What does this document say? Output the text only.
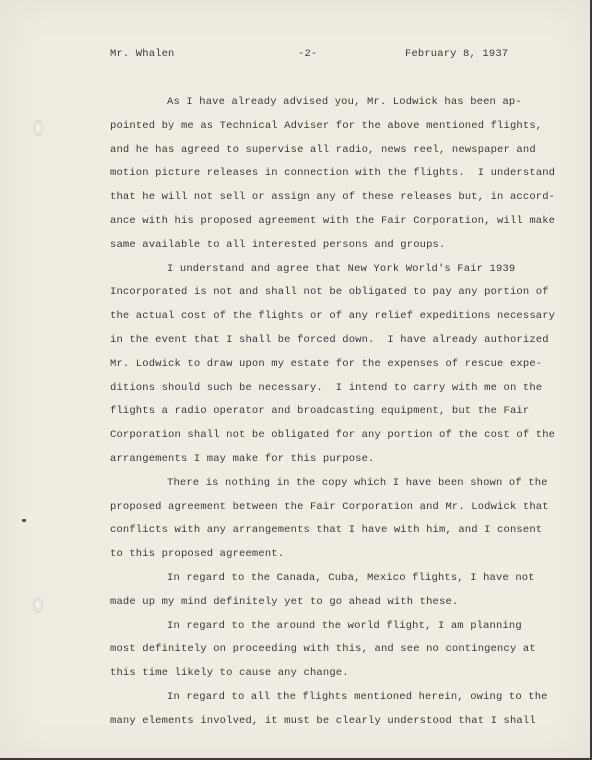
Mr. Whalen	-2-	February 8, 1937
As I have already advised you, Mr. Lodwick has been ap-
pointed by me as Technical Adviser for the above mentioned flights,
and he has agreed to supervise all radio, news reel, newspaper and
motion picture releases in connection with the flights.  I understand
that he will not sell or assign any of these releases but, in accord-
ance with his proposed agreement with the Fair Corporation, will make
same available to all interested persons and groups.
I understand and agree that New York World's Fair 1939
Incorporated is not and shall not be obligated to pay any portion of
the actual cost of the flights or of any relief expeditions necessary
in the event that I shall be forced down.  I have already authorized
Mr. Lodwick to draw upon my estate for the expenses of rescue expe-
ditions should such be necessary.  I intend to carry with me on the
flights a radio operator and broadcasting equipment, but the Fair
Corporation shall not be obligated for any portion of the cost of the
arrangements I may make for this purpose.
There is nothing in the copy which I have been shown of the
proposed agreement between the Fair Corporation and Mr. Lodwick that
conflicts with any arrangements that I have with him, and I consent
to this proposed agreement.
In regard to the Canada, Cuba, Mexico flights, I have not
made up my mind definitely yet to go ahead with these.
In regard to the around the world flight, I am planning
most definitely on proceeding with this, and see no contingency at
this time likely to cause any change.
In regard to all the flights mentioned herein, owing to the
many elements involved, it must be clearly understood that I shall
